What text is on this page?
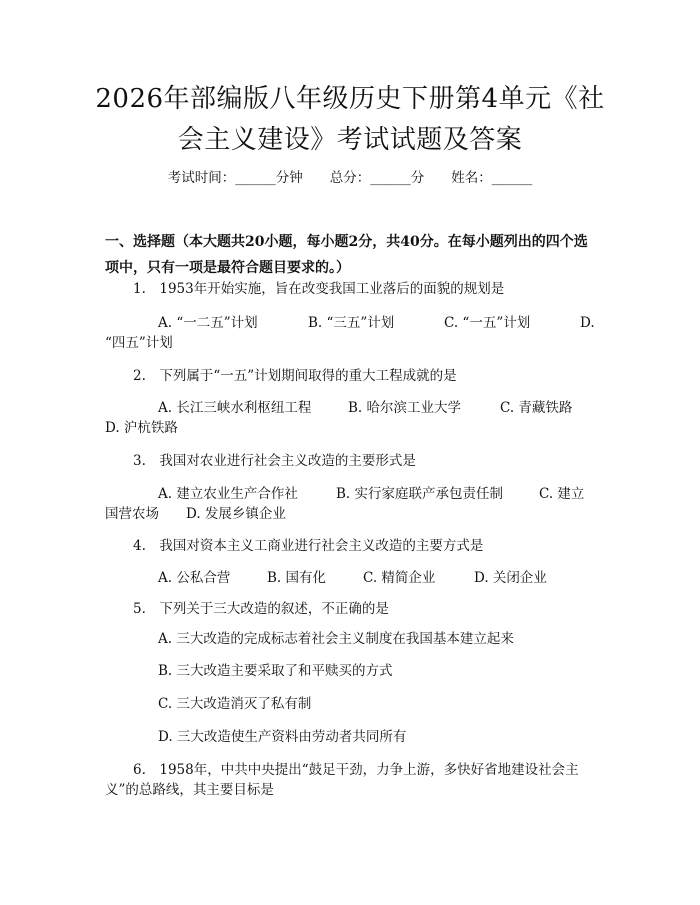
2026年部编版八年级历史下册第4单元《社
会主义建设》考试试题及答案
考试时间：______分钟　　总分：______分　　姓名：______
一、选择题（本大题共20小题，每小题2分，共40分。在每小题列出的四个选
项中，只有一项是最符合题目要求的。）
1.　1953年开始实施，旨在改变我国工业落后的面貌的规划是
A. “一二五”计划	B. “三五”计划	C. “一五”计划	D.
“四五”计划
2.　下列属于“一五”计划期间取得的重大工程成就的是
A. 长江三峡水利枢纽工程	B. 哈尔滨工业大学	C. 青藏铁路
D. 沪杭铁路
3.　我国对农业进行社会主义改造的主要形式是
A. 建立农业生产合作社	B. 实行家庭联产承包责任制	C. 建立
国营农场　　D. 发展乡镇企业
4.　我国对资本主义工商业进行社会主义改造的主要方式是
A. 公私合营	B. 国有化	C. 精简企业	D. 关闭企业
5.　下列关于三大改造的叙述，不正确的是
A. 三大改造的完成标志着社会主义制度在我国基本建立起来
B. 三大改造主要采取了和平赎买的方式
C. 三大改造消灭了私有制
D. 三大改造使生产资料由劳动者共同所有
6.　1958年，中共中央提出“鼓足干劲，力争上游，多快好省地建设社会主
义”的总路线，其主要目标是
